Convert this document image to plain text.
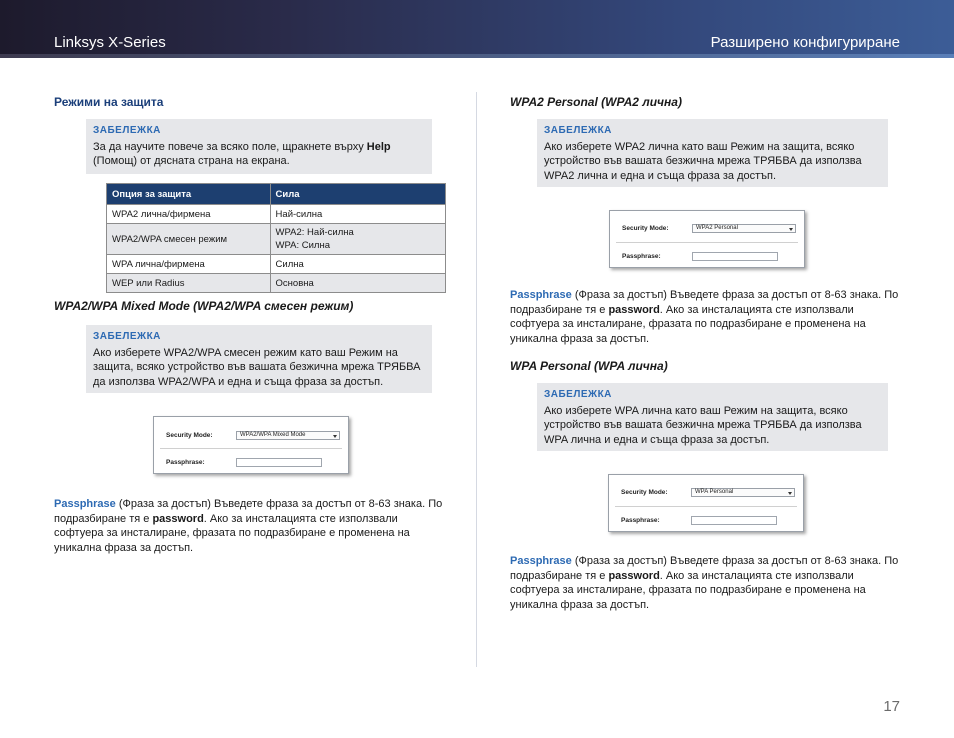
Linksys X-Series	Разширено конфигуриране
Режими на защита
ЗАБЕЛЕЖКА
За да научите повече за всяко поле, щракнете върху Help
(Помощ) от дясната страна на екрана.
Опция за защита	Сила
WPA2 лична/фирмена	Най-силна
WPA2/WPA смесен режим	WPA2: Най-силна
WPA: Силна
WPA лична/фирмена	Силна
WEP или Radius	Основна
WPA2/WPA Mixed Mode (WPA2/WPA смесен режим)
ЗАБЕЛЕЖКА
Ако изберете WPA2/WPA смесен режим като ваш Режим на защита, всяко устройство във вашата безжична мрежа ТРЯБВА да използва WPA2/WPA и една и съща фраза за достъп.
Security Mode:	WPA2/WPA Mixed Mode
Passphrase:
Passphrase (Фраза за достъп) Въведете фраза за достъп от 8-63 знака. По подразбиране тя е password. Ако за инсталацията сте използвали софтуера за инсталиране, фразата по подразбиране е променена на уникална фраза за достъп.
WPA2 Personal (WPA2 лична)
ЗАБЕЛЕЖКА
Ако изберете WPA2 лична като ваш Режим на защита, всяко устройство във вашата безжична мрежа ТРЯБВА да използва WPA2 лична и една и съща фраза за достъп.
Security Mode:	WPA2 Personal
Passphrase:
Passphrase (Фраза за достъп) Въведете фраза за достъп от 8-63 знака. По подразбиране тя е password. Ако за инсталацията сте използвали софтуера за инсталиране, фразата по подразбиране е променена на уникална фраза за достъп.
WPA Personal (WPA лична)
ЗАБЕЛЕЖКА
Ако изберете WPA лична като ваш Режим на защита, всяко устройство във вашата безжична мрежа ТРЯБВА да използва WPA лична и една и съща фраза за достъп.
Security Mode:	WPA Personal
Passphrase:
Passphrase (Фраза за достъп) Въведете фраза за достъп от 8-63 знака. По подразбиране тя е password. Ако за инсталацията сте използвали софтуера за инсталиране, фразата по подразбиране е променена на уникална фраза за достъп.
17
